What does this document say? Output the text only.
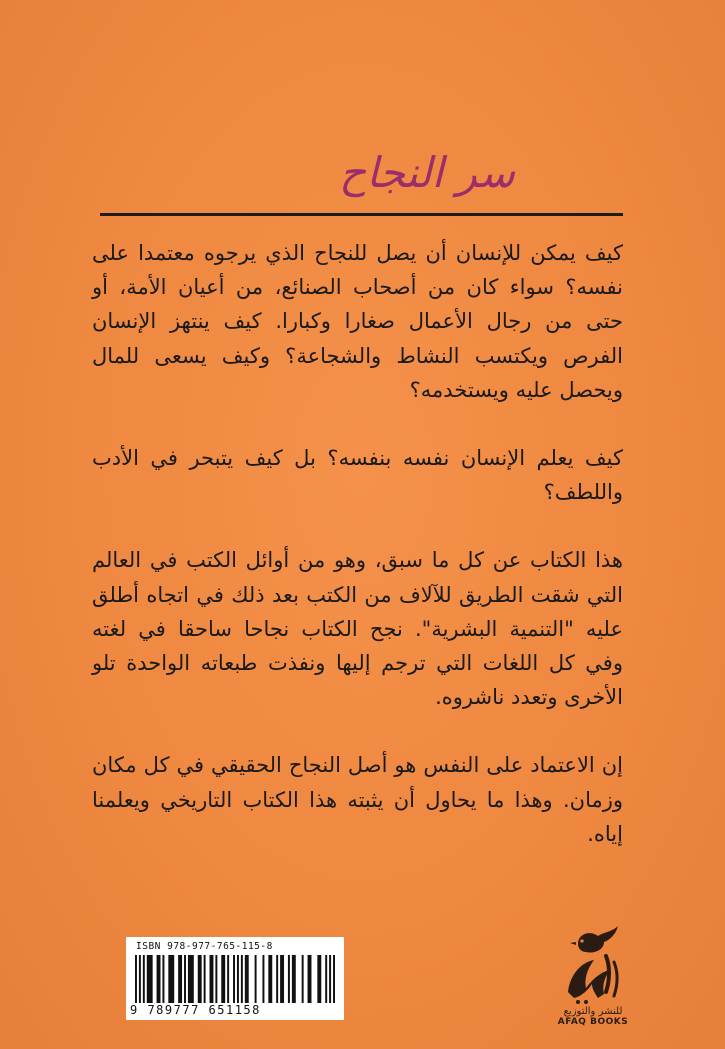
سر النجاح

كيف يمكن للإنسان أن يصل للنجاح الذي يرجوه معتمدا على نفسه؟ سواء كان من أصحاب الصنائع، من أعيان الأمة، أو حتى من رجال الأعمال صغارا وكبارا. كيف ينتهز الإنسان الفرص ويكتسب النشاط والشجاعة؟ وكيف يسعى للمال ويحصل عليه ويستخدمه؟

كيف يعلم الإنسان نفسه بنفسه؟ بل كيف يتبحر في الأدب واللطف؟

هذا الكتاب عن كل ما سبق، وهو من أوائل الكتب في العالم التي شقت الطريق للآلاف من الكتب بعد ذلك في اتجاه أطلق عليه "التنمية البشرية". نجح الكتاب نجاحا ساحقا في لغته وفي كل اللغات التي ترجم إليها ونفذت طبعاته الواحدة تلو الأخرى وتعدد ناشروه.

إن الاعتماد على النفس هو أصل النجاح الحقيقي في كل مكان وزمان. وهذا ما يحاول أن يثبته هذا الكتاب التاريخي ويعلمنا إياه.

ISBN 978-977-765-115-8
9 789777 651158	للنشر والتوزيع
AFAQ BOOKS
